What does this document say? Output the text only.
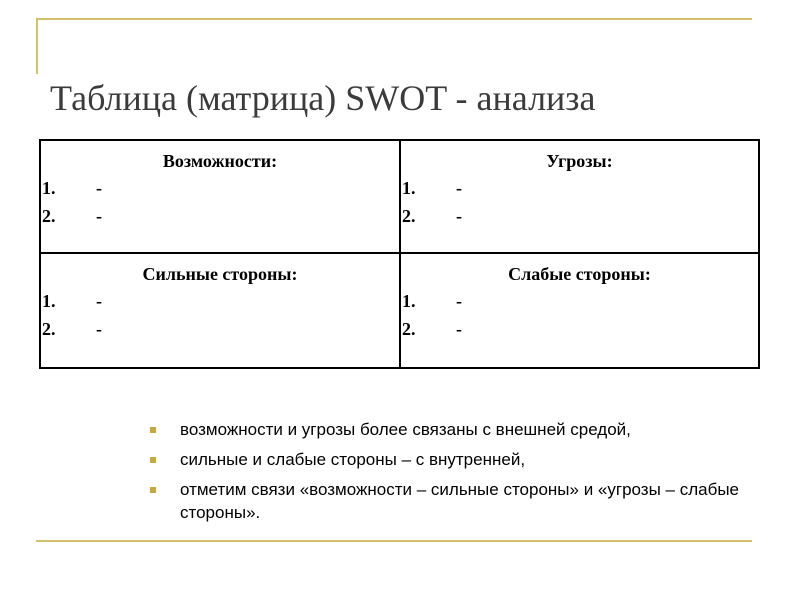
Таблица (матрица) SWOT - анализа
Возможности:
1. -
2. -
Угрозы:
1. -
2. -
Сильные стороны:
1. -
2. -
Слабые стороны:
1. -
2. -
возможности и угрозы более связаны с внешней средой,
сильные и слабые стороны – с внутренней,
отметим связи «возможности – сильные стороны» и «угрозы – слабые стороны».
